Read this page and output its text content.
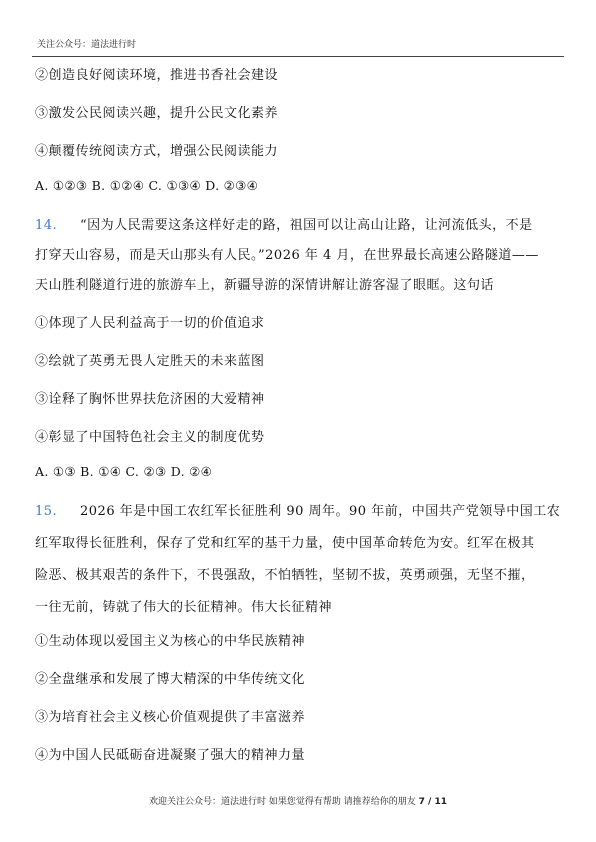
关注公众号：道法进行时
②创造良好阅读环境，推进书香社会建设
③激发公民阅读兴趣，提升公民文化素养
④颠覆传统阅读方式，增强公民阅读能力
A. ①②③ B. ①②④ C. ①③④ D. ②③④
14. “因为人民需要这条这样好走的路，祖国可以让高山让路，让河流低头，不是
打穿天山容易，而是天山那头有人民。”2026 年 4 月，在世界最长高速公路隧道——
天山胜利隧道行进的旅游车上，新疆导游的深情讲解让游客湿了眼眶。这句话
①体现了人民利益高于一切的价值追求
②绘就了英勇无畏人定胜天的未来蓝图
③诠释了胸怀世界扶危济困的大爱精神
④彰显了中国特色社会主义的制度优势
A. ①③ B. ①④ C. ②③ D. ②④
15. 2026 年是中国工农红军长征胜利 90 周年。90 年前，中国共产党领导中国工农
红军取得长征胜利，保存了党和红军的基干力量，使中国革命转危为安。红军在极其
险恶、极其艰苦的条件下，不畏强敌，不怕牺牲，坚韧不拔，英勇顽强，无坚不摧，
一往无前，铸就了伟大的长征精神。伟大长征精神
①生动体现以爱国主义为核心的中华民族精神
②全盘继承和发展了博大精深的中华传统文化
③为培育社会主义核心价值观提供了丰富滋养
④为中国人民砥砺奋进凝聚了强大的精神力量
欢迎关注公众号：道法进行时 如果您觉得有帮助 请推荐给你的朋友 7 / 11
